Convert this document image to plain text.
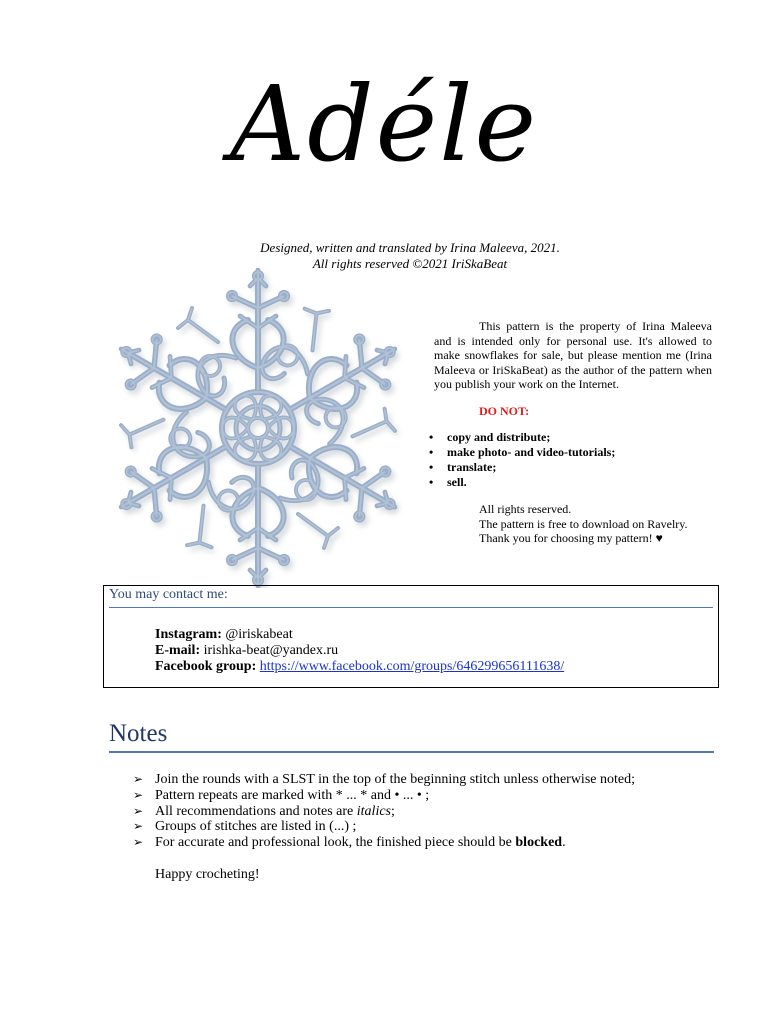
Adéle
Designed, written and translated by Irina Maleeva, 2021.
All rights reserved ©2021 IriSkaBeat

This pattern is the property of Irina Maleeva and is intended only for personal use. It's allowed to make snowflakes for sale, but please mention me (Irina Maleeva or IriSkaBeat) as the author of the pattern when you publish your work on the Internet.

DO NOT:

• copy and distribute;
• make photo- and video-tutorials;
• translate;
• sell.

All rights reserved.

The pattern is free to download on Ravelry.

Thank you for choosing my pattern! ♥

You may contact me:
Instagram: @iriskabeat
E-mail: irishka-beat@yandex.ru
Facebook group: https://www.facebook.com/groups/646299656111638/
Notes
➢ Join the rounds with a SLST in the top of the beginning stitch unless otherwise noted;
➢ Pattern repeats are marked with * ... * and • ... • ;
➢ All recommendations and notes are italics;
➢ Groups of stitches are listed in (...) ;
➢ For accurate and professional look, the finished piece should be blocked.
Happy crocheting!
